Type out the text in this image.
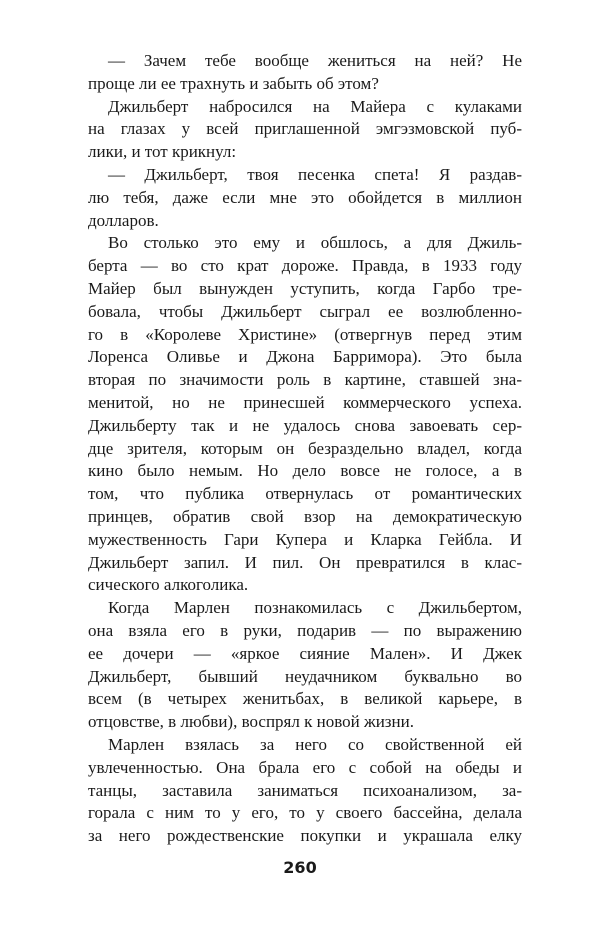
— Зачем тебе вообще жениться на ней? Не
проще ли ее трахнуть и забыть об этом?
Джильберт набросился на Майера с кулаками
на глазах у всей приглашенной эмгэзмовской пуб-
лики, и тот крикнул:
— Джильберт, твоя песенка спета! Я раздав-
лю тебя, даже если мне это обойдется в миллион
долларов.
Во столько это ему и обшлось, а для Джиль-
берта — во сто крат дороже. Правда, в 1933 году
Майер был вынужден уступить, когда Гарбо тре-
бовала, чтобы Джильберт сыграл ее возлюбленно-
го в «Королеве Христине» (отвергнув перед этим
Лоренса Оливье и Джона Барримора). Это была
вторая по значимости роль в картине, ставшей зна-
менитой, но не принесшей коммерческого успеха.
Джильберту так и не удалось снова завоевать сер-
дце зрителя, которым он безраздельно владел, когда
кино было немым. Но дело вовсе не голосе, а в
том, что публика отвернулась от романтических
принцев, обратив свой взор на демократическую
мужественность Гари Купера и Кларка Гейбла. И
Джильберт запил. И пил. Он превратился в клас-
сического алкоголика.
Когда Марлен познакомилась с Джильбертом,
она взяла его в руки, подарив — по выражению
ее дочери — «яркое сияние Мален». И Джек
Джильберт, бывший неудачником буквально во
всем (в четырех женитьбах, в великой карьере, в
отцовстве, в любви), воспрял к новой жизни.
Марлен взялась за него со свойственной ей
увлеченностью. Она брала его с собой на обеды и
танцы, заставила заниматься психоанализом, за-
горала с ним то у его, то у своего бассейна, делала
за него рождественские покупки и украшала елку
260
